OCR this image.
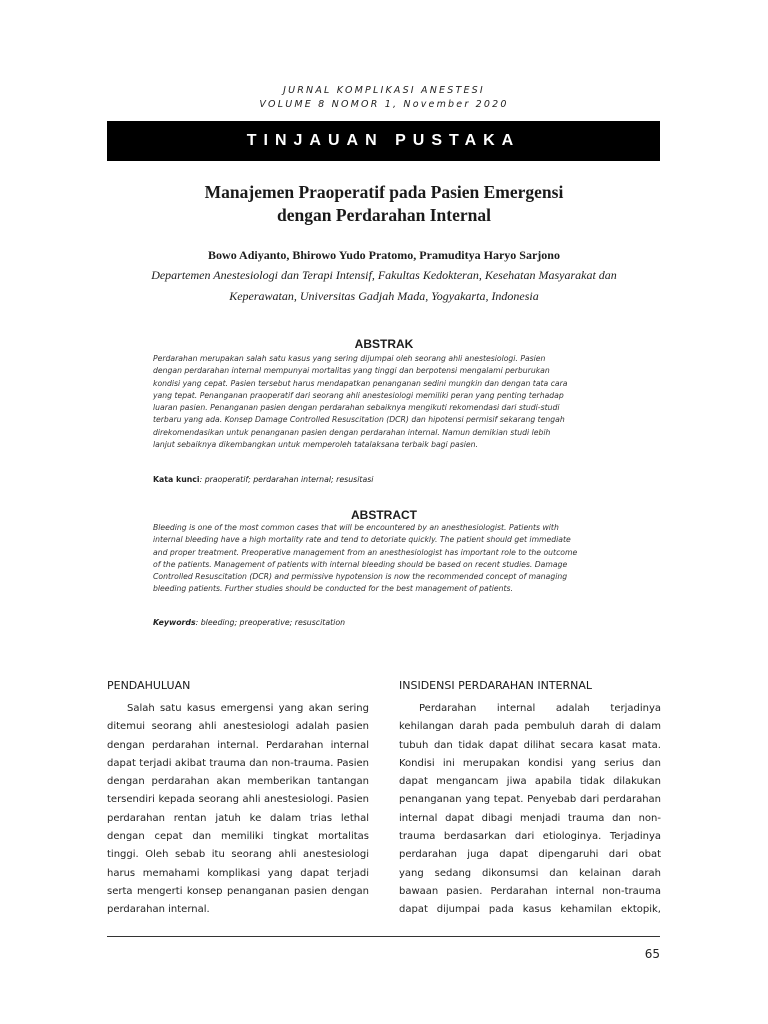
JURNAL KOMPLIKASI ANESTESI
VOLUME 8 NOMOR 1, November 2020
TINJAUAN PUSTAKA
Manajemen Praoperatif pada Pasien Emergensi
dengan Perdarahan Internal
Bowo Adiyanto, Bhirowo Yudo Pratomo, Pramuditya Haryo Sarjono
Departemen Anestesiologi dan Terapi Intensif, Fakultas Kedokteran, Kesehatan Masyarakat dan
Keperawatan, Universitas Gadjah Mada, Yogyakarta, Indonesia
ABSTRAK
Perdarahan merupakan salah satu kasus yang sering dijumpai oleh seorang ahli anestesiologi. Pasien
dengan perdarahan internal mempunyai mortalitas yang tinggi dan berpotensi mengalami perburukan
kondisi yang cepat. Pasien tersebut harus mendapatkan penanganan sedini mungkin dan dengan tata cara
yang tepat. Penanganan praoperatif dari seorang ahli anestesiologi memiliki peran yang penting terhadap
luaran pasien. Penanganan pasien dengan perdarahan sebaiknya mengikuti rekomendasi dari studi-studi
terbaru yang ada. Konsep Damage Controlled Resuscitation (DCR) dan hipotensi permisif sekarang tengah
direkomendasikan untuk penanganan pasien dengan perdarahan internal. Namun demikian studi lebih
lanjut sebaiknya dikembangkan untuk memperoleh tatalaksana terbaik bagi pasien.
Kata kunci: praoperatif; perdarahan internal; resusitasi
ABSTRACT
Bleeding is one of the most common cases that will be encountered by an anesthesiologist. Patients with
internal bleeding have a high mortality rate and tend to detoriate quickly. The patient should get immediate
and proper treatment. Preoperative management from an anesthesiologist has important role to the outcome
of the patients. Management of patients with internal bleeding should be based on recent studies. Damage
Controlled Resuscitation (DCR) and permissive hypotension is now the recommended concept of managing
bleeding patients. Further studies should be conducted for the best management of patients.
Keywords: bleeding; preoperative; resuscitation
PENDAHULUAN
Salah satu kasus emergensi yang akan sering
ditemui seorang ahli anestesiologi adalah pasien
dengan perdarahan internal. Perdarahan internal
dapat terjadi akibat trauma dan non-trauma. Pasien
dengan perdarahan akan memberikan tantangan
tersendiri kepada seorang ahli anestesiologi. Pasien
perdarahan rentan jatuh ke dalam trias lethal
dengan cepat dan memiliki tingkat mortalitas
tinggi. Oleh sebab itu seorang ahli anestesiologi
harus memahami komplikasi yang dapat terjadi
serta mengerti konsep penanganan pasien dengan
perdarahan internal.
INSIDENSI PERDARAHAN INTERNAL
Perdarahan internal adalah terjadinya
kehilangan darah pada pembuluh darah di dalam
tubuh dan tidak dapat dilihat secara kasat mata.
Kondisi ini merupakan kondisi yang serius dan
dapat mengancam jiwa apabila tidak dilakukan
penanganan yang tepat. Penyebab dari perdarahan
internal dapat dibagi menjadi trauma dan non-
trauma berdasarkan dari etiologinya. Terjadinya
perdarahan juga dapat dipengaruhi dari obat
yang sedang dikonsumsi dan kelainan darah
bawaan pasien. Perdarahan internal non-trauma
dapat dijumpai pada kasus kehamilan ektopik,
65
